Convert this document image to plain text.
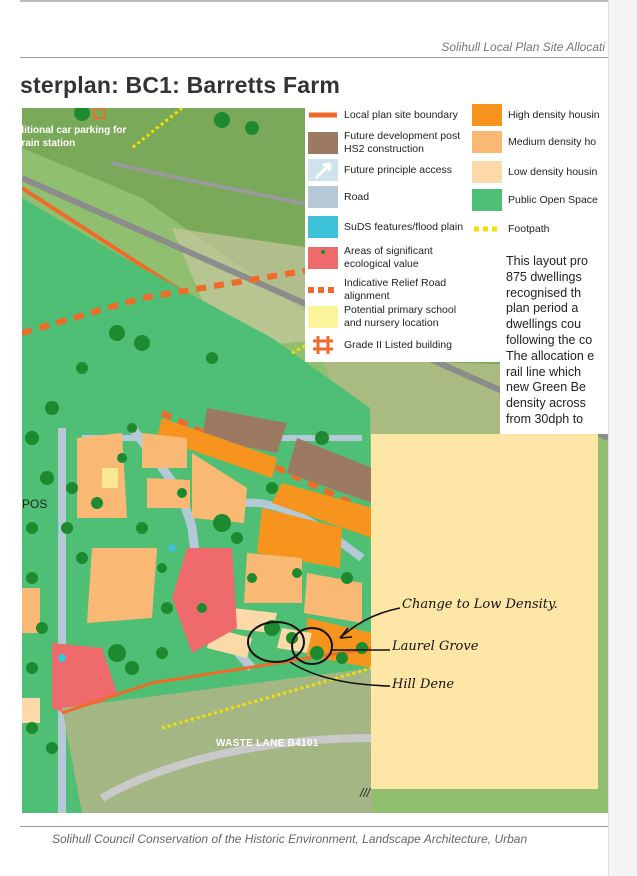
Solihull Local Plan Site Allocati
sterplan: BC1: Barretts Farm
ditional car parking for
train station
POS
WASTE LANE B4101
Local plan site boundary
Future development post HS2 construction
Future principle access
Road
SuDS features/flood plain
Areas of significant ecological value
Indicative Relief Road alignment
Potential primary school and nursery location
Grade II Listed building
High density housin
Medium density ho
Low density housin
Public Open Space
Footpath
This layout pro
875 dwellings
recognised th
plan period a
dwellings cou
following the co
The allocation e
rail line which
new Green Be
density across
from 30dph to
///
Change to Low Density.
Laurel Grove
Hill Dene
Solihull Council Conservation of the Historic Environment, Landscape Architecture, Urban
